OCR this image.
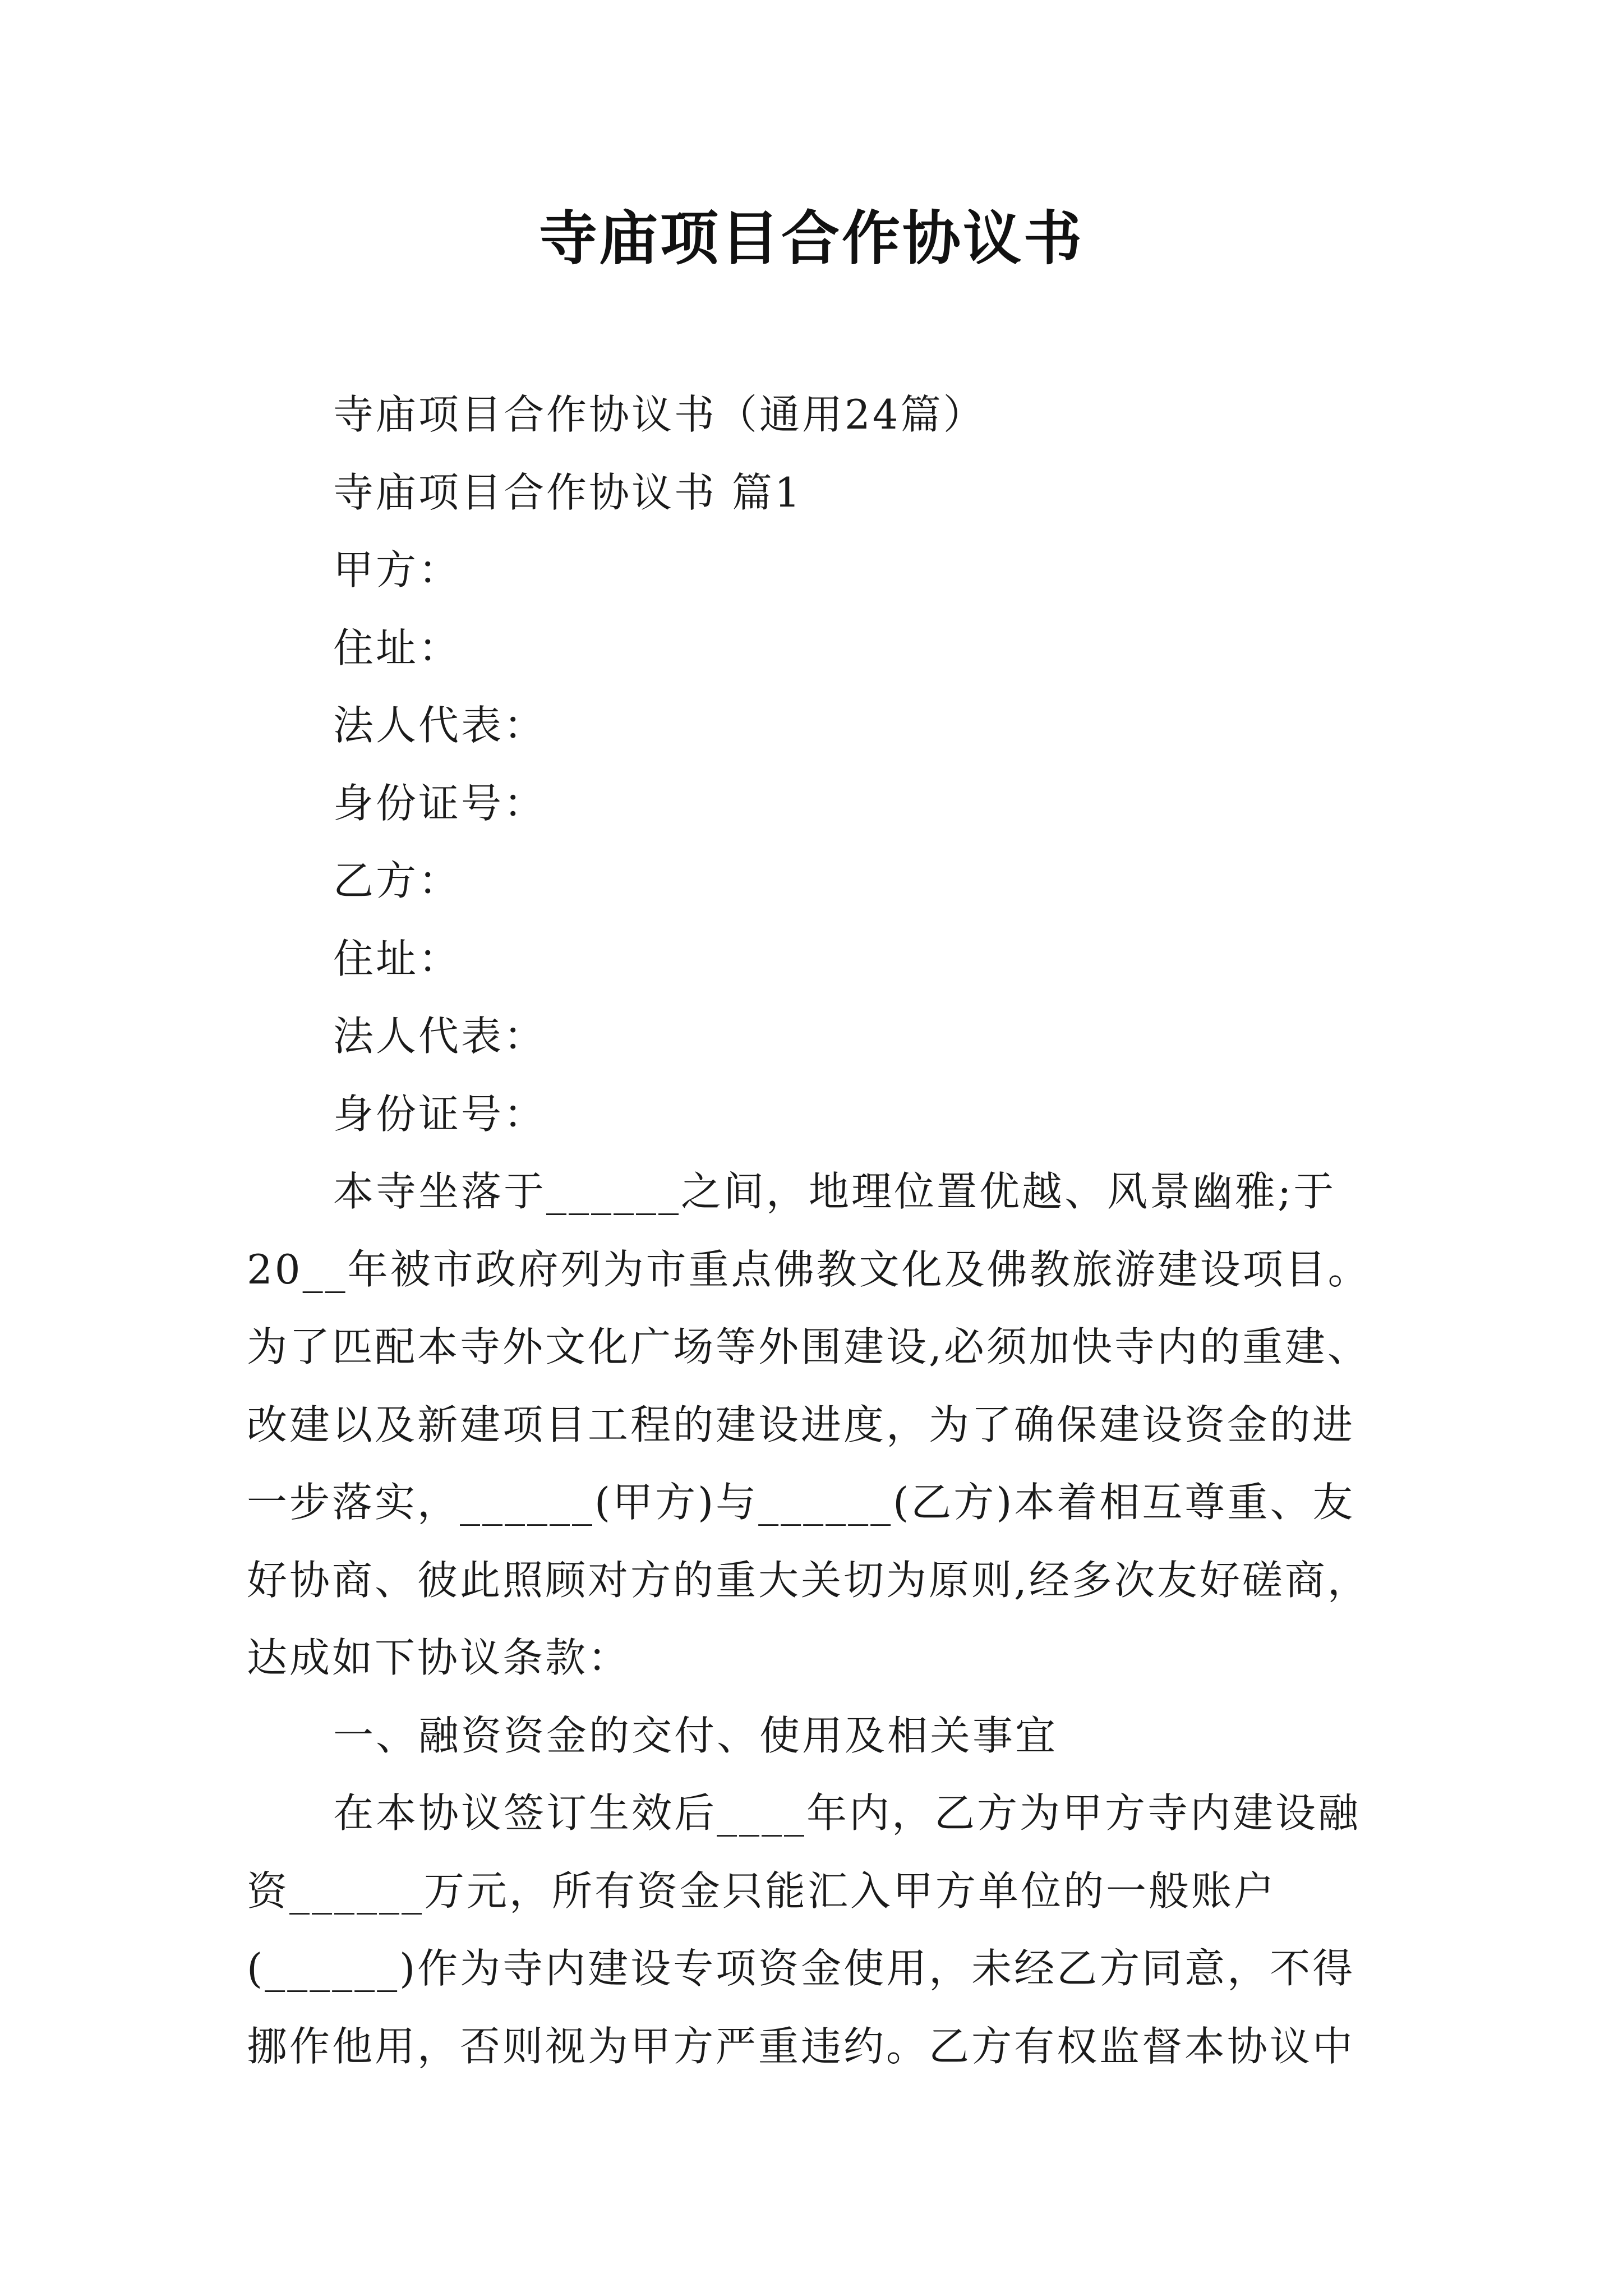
寺庙项目合作协议书

寺庙项目合作协议书（通用24篇）

寺庙项目合作协议书 篇1

甲方：

住址：

法人代表：

身份证号：

乙方：

住址：

法人代表：

身份证号：

本寺坐落于______之间，地理位置优越、风景幽雅;于

20__年被市政府列为市重点佛教文化及佛教旅游建设项目。

为了匹配本寺外文化广场等外围建设,必须加快寺内的重建、

改建以及新建项目工程的建设进度，为了确保建设资金的进

一步落实，______(甲方)与______(乙方)本着相互尊重、友

好协商、彼此照顾对方的重大关切为原则,经多次友好磋商，

达成如下协议条款：

一、融资资金的交付、使用及相关事宜

在本协议签订生效后____年内，乙方为甲方寺内建设融

资______万元，所有资金只能汇入甲方单位的一般账户

(______)作为寺内建设专项资金使用，未经乙方同意，不得

挪作他用，否则视为甲方严重违约。乙方有权监督本协议中
